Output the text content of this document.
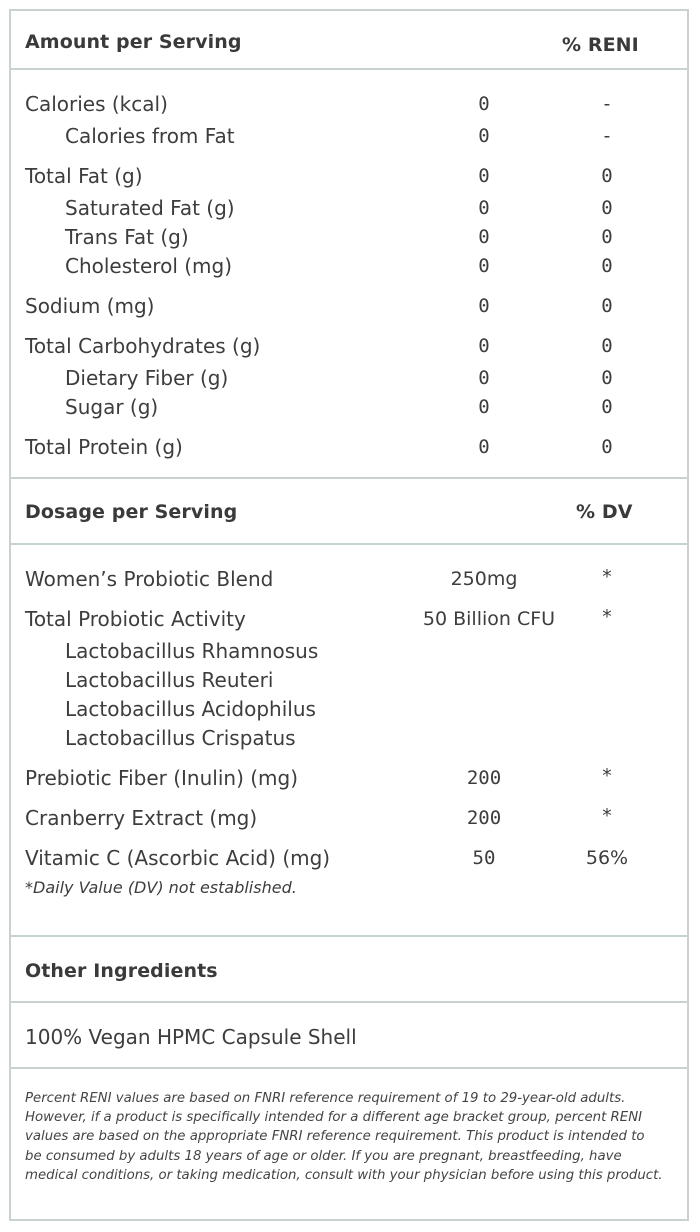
Amount per Serving	% RENI
Calories (kcal)	0	-
Calories from Fat	0	-
Total Fat (g)	0	0
Saturated Fat (g)	0	0
Trans Fat (g)	0	0
Cholesterol (mg)	0	0
Sodium (mg)	0	0
Total Carbohydrates (g)	0	0
Dietary Fiber (g)	0	0
Sugar (g)	0	0
Total Protein (g)	0	0
Dosage per Serving	% DV
Women’s Probiotic Blend	250mg	*
Total Probiotic Activity	50 Billion CFU	*
Lactobacillus Rhamnosus
Lactobacillus Reuteri
Lactobacillus Acidophilus
Lactobacillus Crispatus
Prebiotic Fiber (Inulin) (mg)	200	*
Cranberry Extract (mg)	200	*
Vitamic C (Ascorbic Acid) (mg)	50	56%
*Daily Value (DV) not established.
Other Ingredients
100% Vegan HPMC Capsule Shell
Percent RENI values are based on FNRI reference requirement of 19 to 29-year-old adults. However, if a product is specifically intended for a different age bracket group, percent RENI values are based on the appropriate FNRI reference requirement. This product is intended to be consumed by adults 18 years of age or older. If you are pregnant, breastfeeding, have medical conditions, or taking medication, consult with your physician before using this product.
